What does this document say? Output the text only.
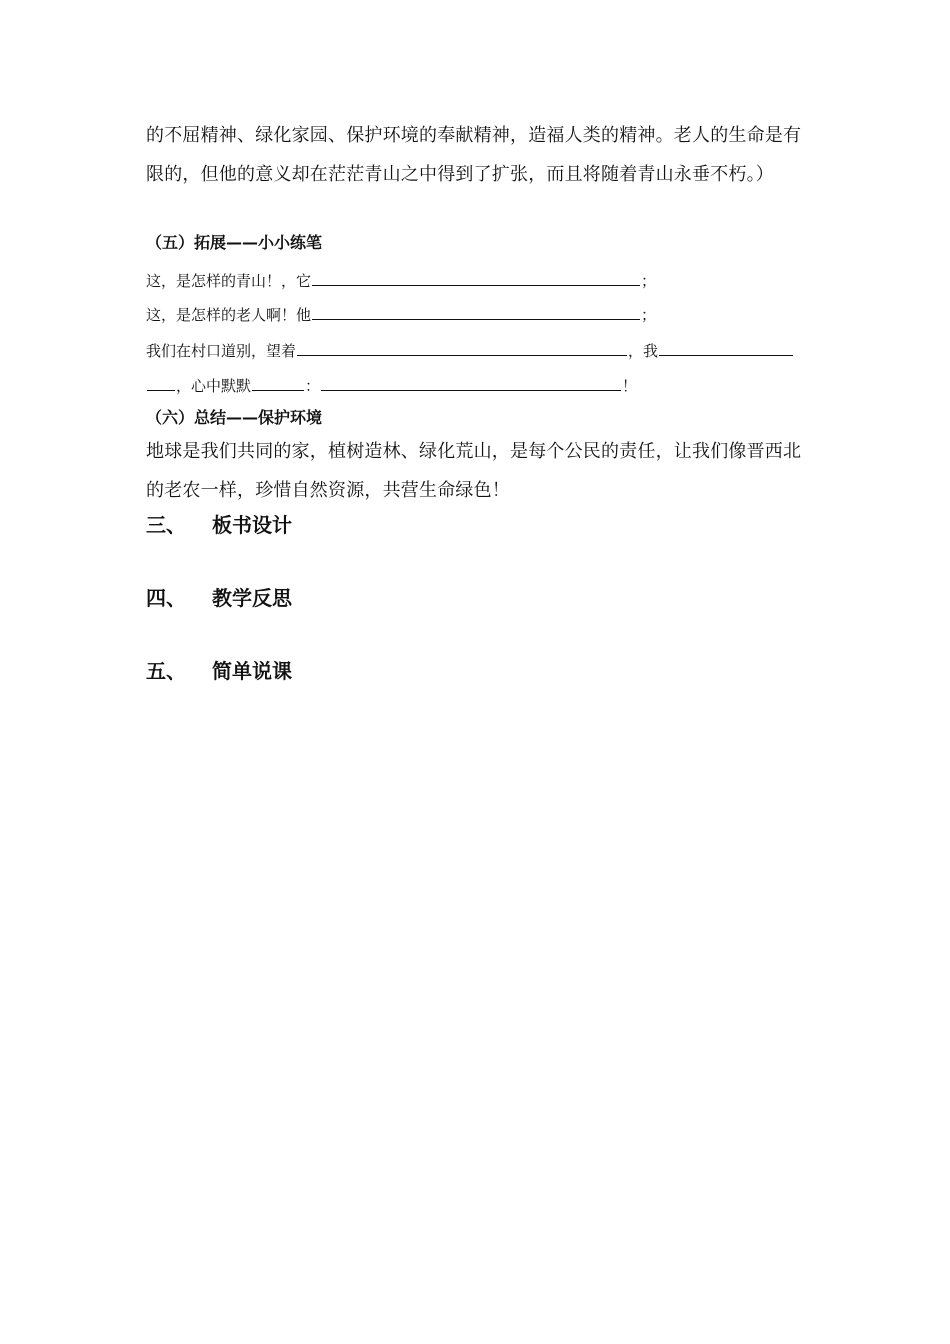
的不屈精神、绿化家园、保护环境的奉献精神，造福人类的精神。老人的生命是有
限的，但他的意义却在茫茫青山之中得到了扩张，而且将随着青山永垂不朽。）
（五）拓展——小小练笔
这，是怎样的青山！，它	；
这，是怎样的老人啊！他	；
我们在村口道别，望着	，我
，心中默默	：	！
（六）总结——保护环境
地球是我们共同的家，植树造林、绿化荒山，是每个公民的责任，让我们像晋西北
的老农一样，珍惜自然资源，共营生命绿色！
三、 板书设计
四、 教学反思
五、 简单说课
